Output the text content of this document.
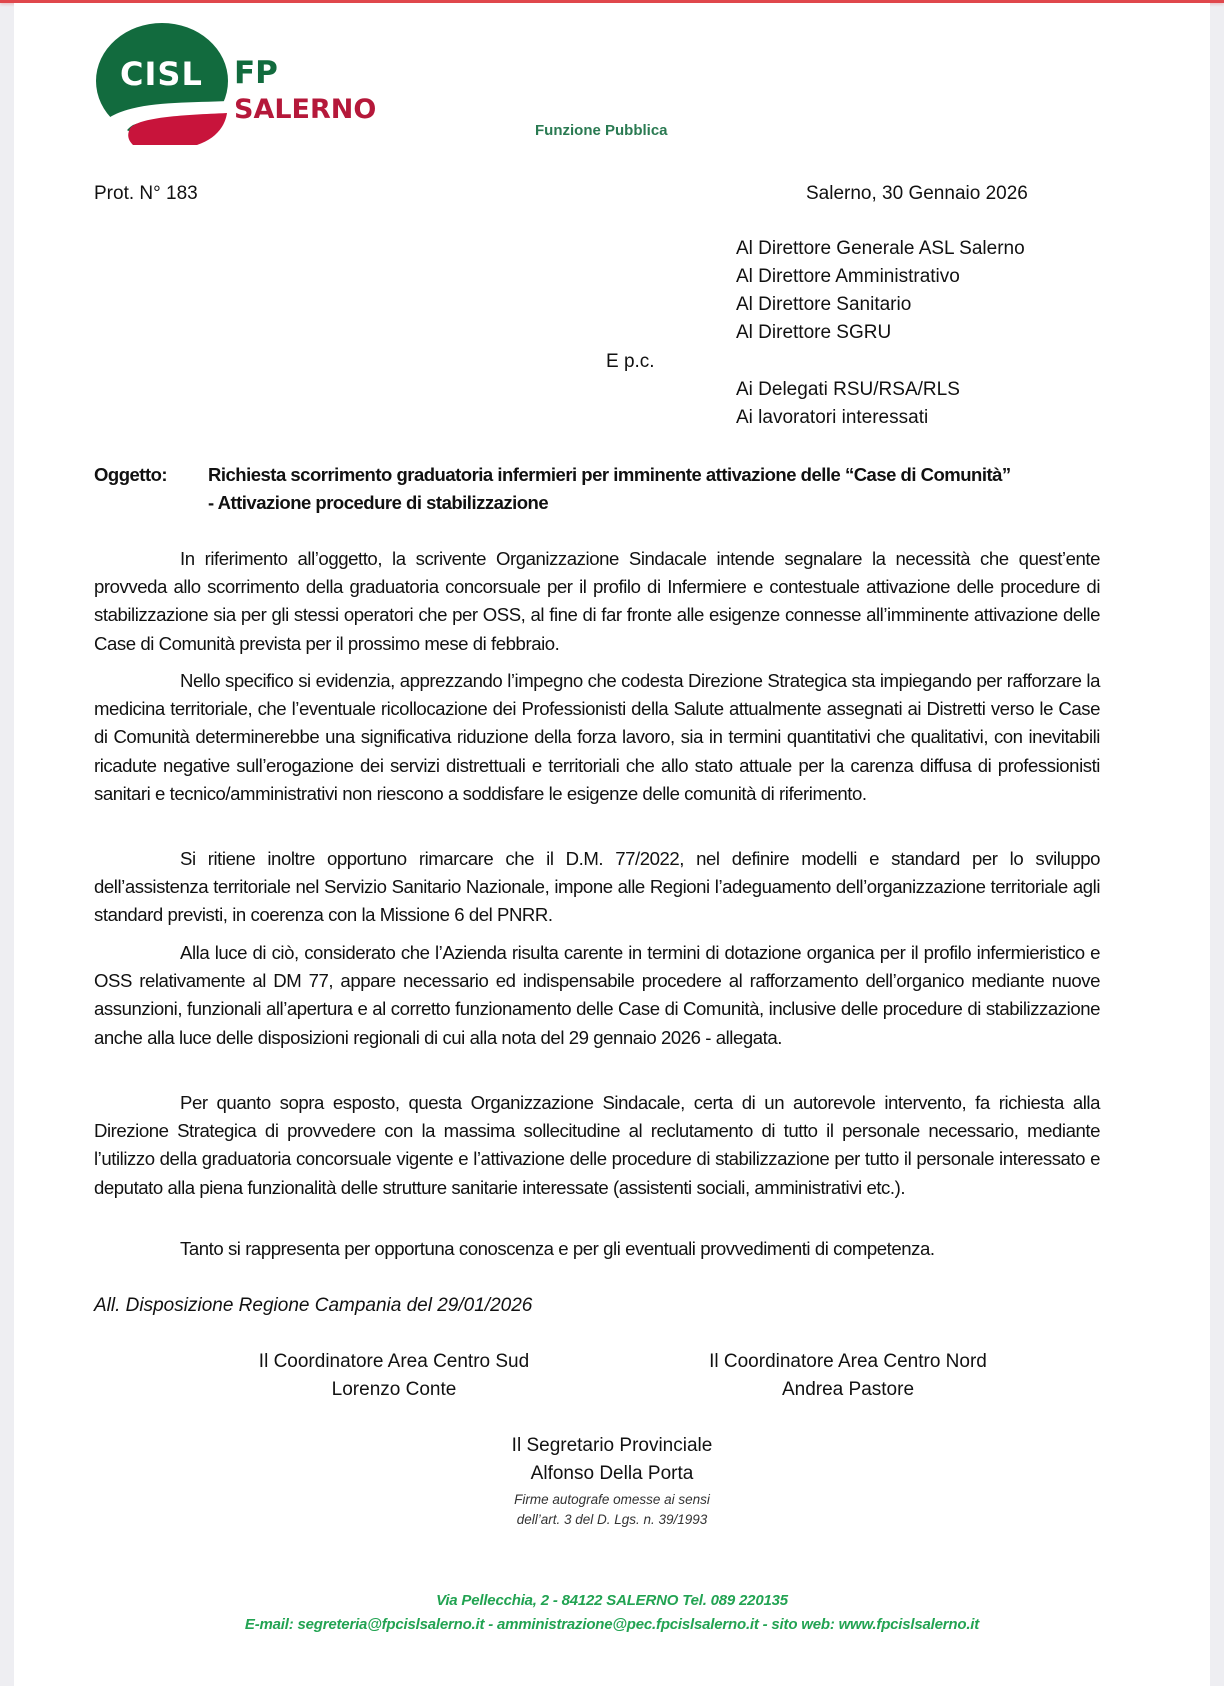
CISL FP
SALERNO
Funzione Pubblica
Prot. N° 183	Salerno, 30 Gennaio 2026
Al Direttore Generale ASL Salerno
Al Direttore Amministrativo
Al Direttore Sanitario
Al Direttore SGRU
E p.c.
Ai Delegati RSU/RSA/RLS
Ai lavoratori interessati
Oggetto: Richiesta scorrimento graduatoria infermieri per imminente attivazione delle “Case di Comunità”
- Attivazione procedure di stabilizzazione
In riferimento all’oggetto, la scrivente Organizzazione Sindacale intende segnalare la necessità che quest’ente provveda allo scorrimento della graduatoria concorsuale per il profilo di Infermiere e contestuale attivazione delle procedure di stabilizzazione sia per gli stessi operatori che per OSS, al fine di far fronte alle esigenze connesse all’imminente attivazione delle Case di Comunità prevista per il prossimo mese di febbraio.
Nello specifico si evidenzia, apprezzando l’impegno che codesta Direzione Strategica sta impiegando per rafforzare la medicina territoriale, che l’eventuale ricollocazione dei Professionisti della Salute attualmente assegnati ai Distretti verso le Case di Comunità determinerebbe una significativa riduzione della forza lavoro, sia in termini quantitativi che qualitativi, con inevitabili ricadute negative sull’erogazione dei servizi distrettuali e territoriali che allo stato attuale per la carenza diffusa di professionisti sanitari e tecnico/amministrativi non riescono a soddisfare le esigenze delle comunità di riferimento.
Si ritiene inoltre opportuno rimarcare che il D.M. 77/2022, nel definire modelli e standard per lo sviluppo dell’assistenza territoriale nel Servizio Sanitario Nazionale, impone alle Regioni l’adeguamento dell’organizzazione territoriale agli standard previsti, in coerenza con la Missione 6 del PNRR.
Alla luce di ciò, considerato che l’Azienda risulta carente in termini di dotazione organica per il profilo infermieristico e OSS relativamente al DM 77, appare necessario ed indispensabile procedere al rafforzamento dell’organico mediante nuove assunzioni, funzionali all’apertura e al corretto funzionamento delle Case di Comunità, inclusive delle procedure di stabilizzazione anche alla luce delle disposizioni regionali di cui alla nota del 29 gennaio 2026 - allegata.
Per quanto sopra esposto, questa Organizzazione Sindacale, certa di un autorevole intervento, fa richiesta alla Direzione Strategica di provvedere con la massima sollecitudine al reclutamento di tutto il personale necessario, mediante l’utilizzo della graduatoria concorsuale vigente e l’attivazione delle procedure di stabilizzazione per tutto il personale interessato e deputato alla piena funzionalità delle strutture sanitarie interessate (assistenti sociali, amministrativi etc.).
Tanto si rappresenta per opportuna conoscenza e per gli eventuali provvedimenti di competenza.
All. Disposizione Regione Campania del 29/01/2026
Il Coordinatore Area Centro Sud
Lorenzo Conte
Il Coordinatore Area Centro Nord
Andrea Pastore
Il Segretario Provinciale
Alfonso Della Porta
Firme autografe omesse ai sensi
dell’art. 3 del D. Lgs. n. 39/1993
Via Pellecchia, 2 - 84122 SALERNO Tel. 089 220135
E-mail: segreteria@fpcislsalerno.it - amministrazione@pec.fpcislsalerno.it - sito web: www.fpcislsalerno.it
